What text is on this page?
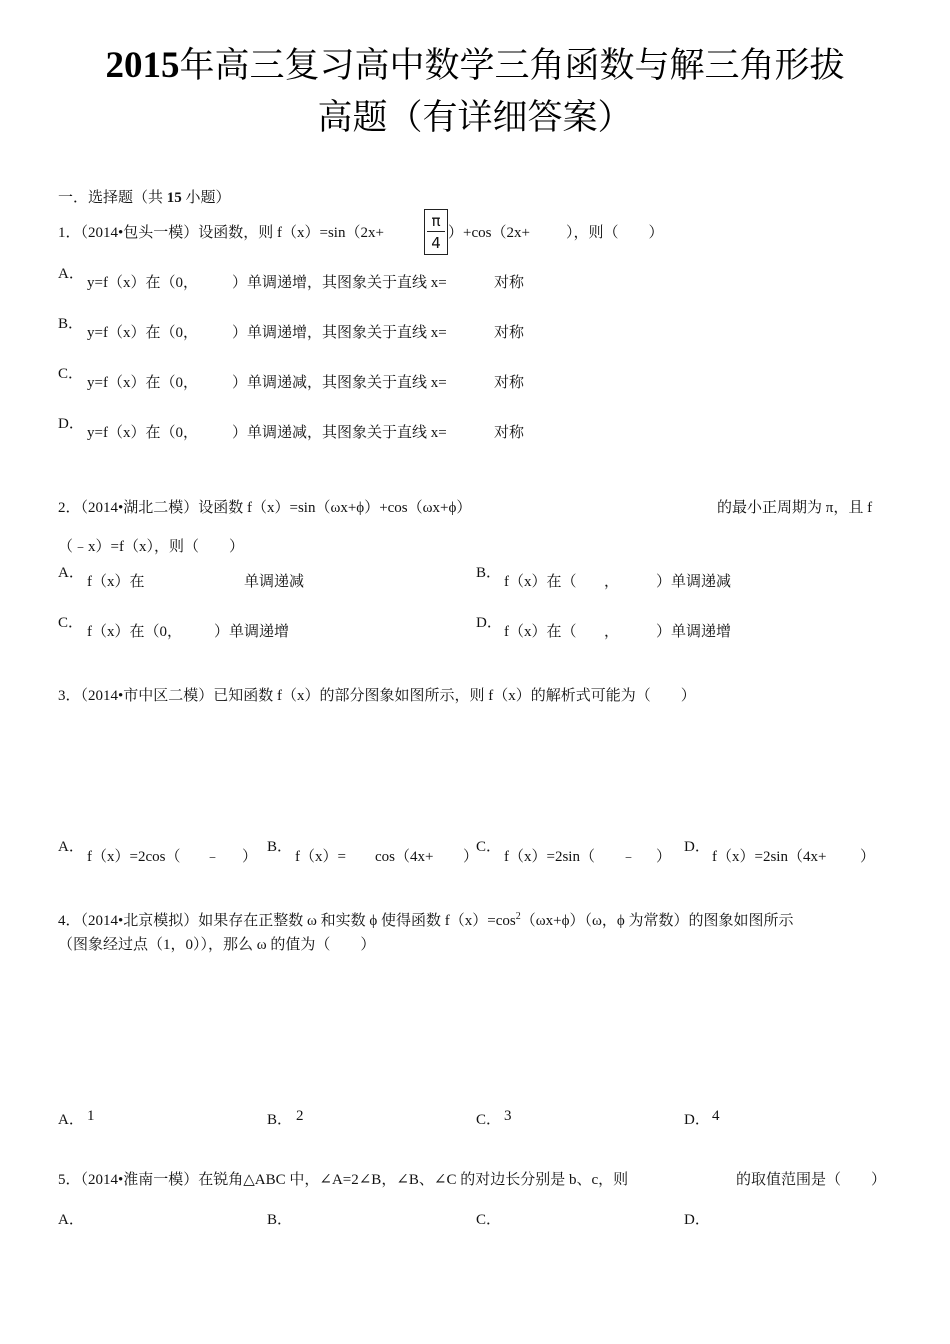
2015年高三复习高中数学三角函数与解三角形拔
高题（有详细答案）
一．选择题（共 15 小题）
1．（2014•包头一模）设函数，则 f（x）=sin（2x+
π
4
）+cos（2x+ ），则（　　）
A．
y=f（x）在（0， ）单调递增，其图象关于直线 x=	对称
B．
y=f（x）在（0， ）单调递增，其图象关于直线 x=	对称
C．
y=f（x）在（0， ）单调递减，其图象关于直线 x=	对称
D．
y=f（x）在（0， ）单调递减，其图象关于直线 x=	对称
2．（2014•湖北二模）设函数 f（x）=sin（ωx+ϕ）+cos（ωx+ϕ）	的最小正周期为 π，且 f
（﹣x）=f（x），则（　　）
A．
f（x）在	单调递减
B．
f（x）在（ ， ）单调递减
C．
f（x）在（0， ）单调递增
D．
f（x）在（ ， ）单调递增
3．（2014•市中区二模）已知函数 f（x）的部分图象如图所示，则 f（x）的解析式可能为（　　）
A．
f（x）=2cos（ ﹣ ）
B．
f（x）= cos（4x+ ）
C．
f（x）=2sin（ ﹣ ）
D．
f（x）=2sin（4x+ ）
4．（2014•北京模拟）如果存在正整数 ω 和实数 ϕ 使得函数 $f(x)=\cos^2(\omega x+\phi)(\omega$，ϕ 为常数）的图象如图所示
（图象经过点（1，0）），那么 ω 的值为（　　）
A． 1	B． 2	C． 3	D． 4
5．（2014•淮南一模）在锐角△ABC 中，∠A=2∠B，∠B、∠C 的对边长分别是 b、c，则	的取值范围是（　　）
A．	B．	C．	D．
